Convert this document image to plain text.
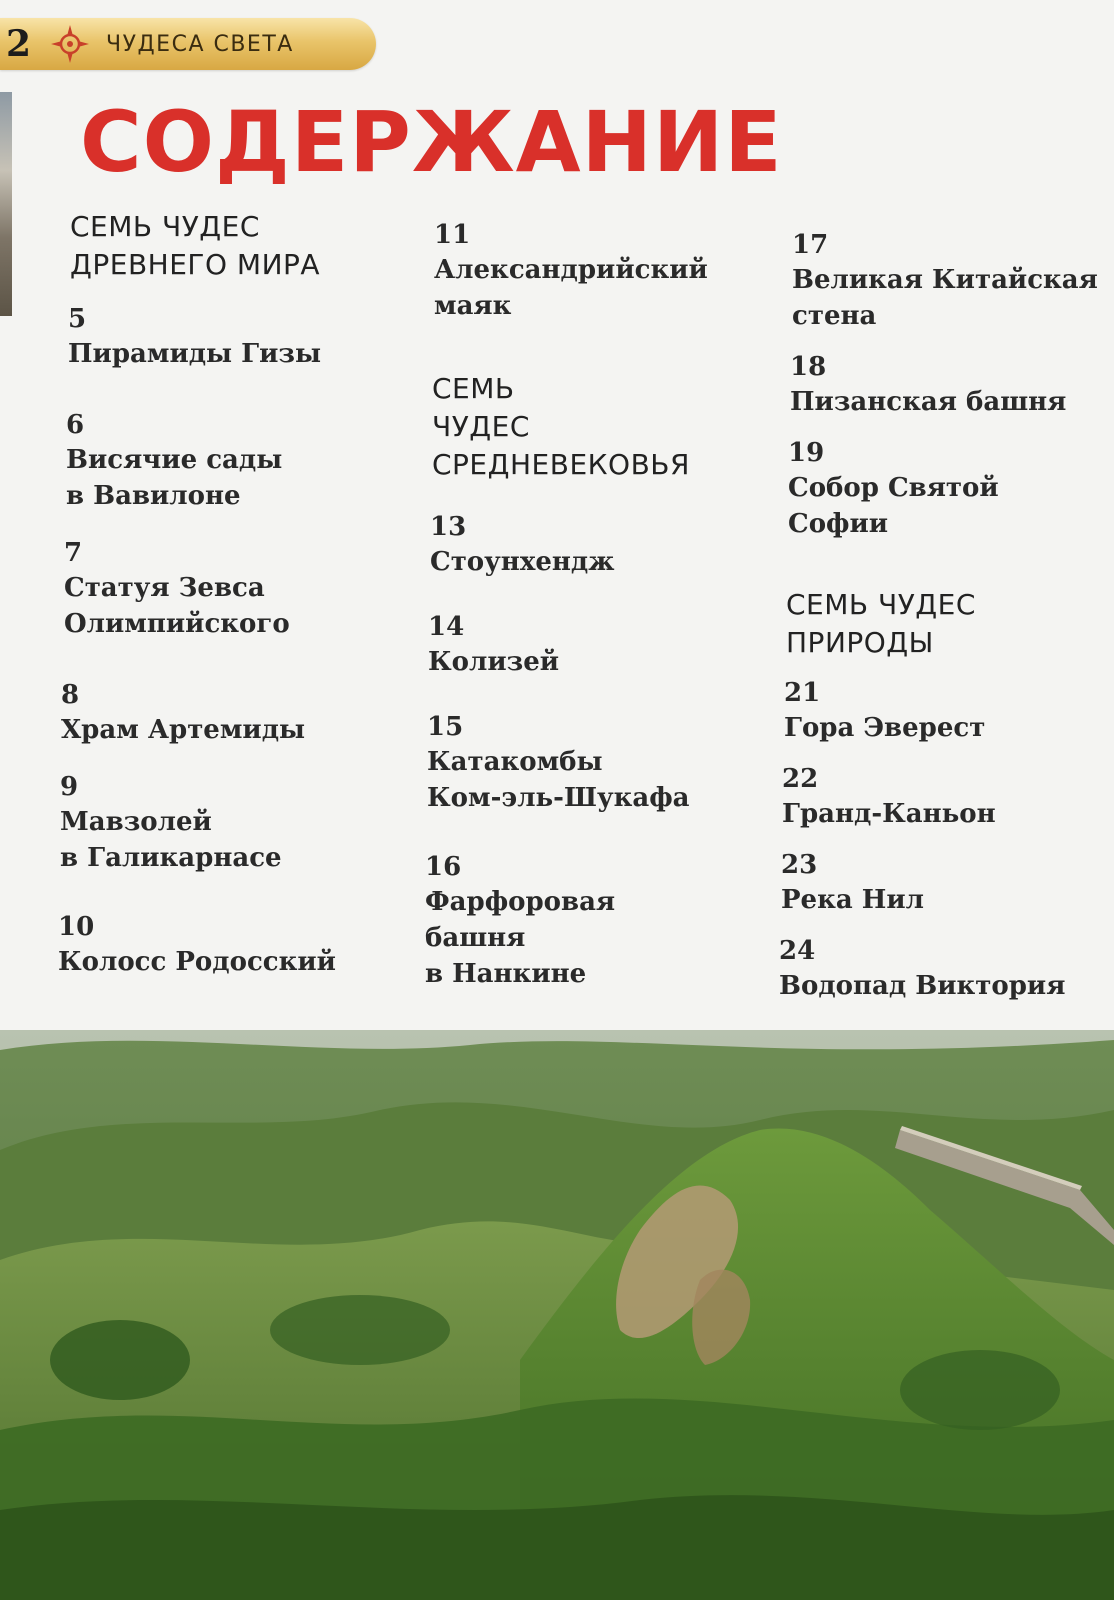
2	ЧУДЕСА СВЕТА
СОДЕРЖАНИЕ
СЕМЬ ЧУДЕС
ДРЕВНЕГО МИРА
5
Пирамиды Гизы
6
Висячие сады
в Вавилоне
7
Статуя Зевса
Олимпийского
8
Храм Артемиды
9
Мавзолей
в Галикарнасе
10
Колосс Родосский
11
Александрийский
маяк
СЕМЬ
ЧУДЕС
СРЕДНЕВЕКОВЬЯ
13
Стоунхендж
14
Колизей
15
Катакомбы
Ком-эль-Шукафа
16
Фарфоровая
башня
в Нанкине
17
Великая Китайская
стена
18
Пизанская башня
19
Собор Святой
Софии
СЕМЬ ЧУДЕС
ПРИРОДЫ
21
Гора Эверест
22
Гранд-Каньон
23
Река Нил
24
Водопад Виктория
